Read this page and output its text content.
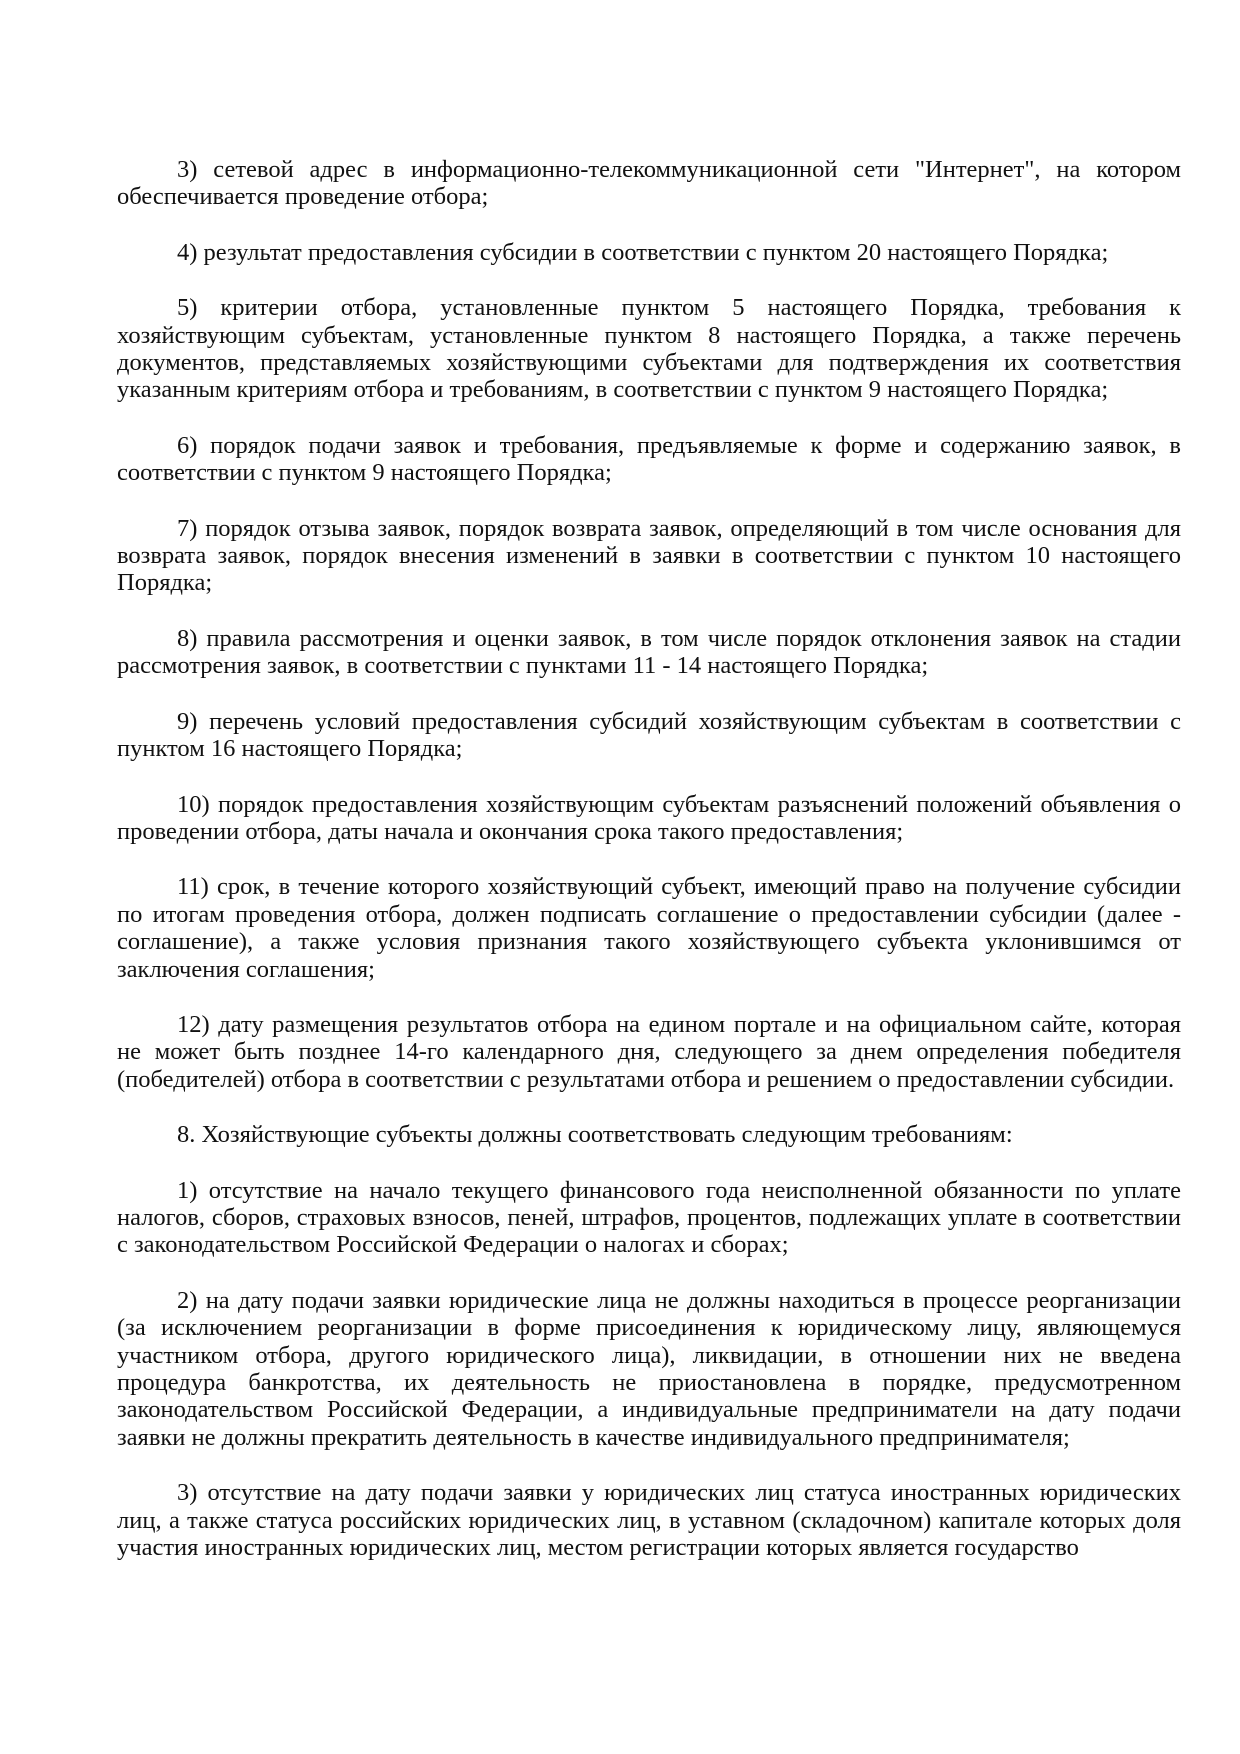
3) сетевой адрес в информационно-телекоммуникационной сети "Интернет", на котором обеспечивается проведение отбора;

4) результат предоставления субсидии в соответствии с пунктом 20 настоящего Порядка;

5) критерии отбора, установленные пунктом 5 настоящего Порядка, требования к хозяйствующим субъектам, установленные пунктом 8 настоящего Порядка, а также перечень документов, представляемых хозяйствующими субъектами для подтверждения их соответствия указанным критериям отбора и требованиям, в соответствии с пунктом 9 настоящего Порядка;

6) порядок подачи заявок и требования, предъявляемые к форме и содержанию заявок, в соответствии с пунктом 9 настоящего Порядка;

7) порядок отзыва заявок, порядок возврата заявок, определяющий в том числе основания для возврата заявок, порядок внесения изменений в заявки в соответствии с пунктом 10 настоящего Порядка;

8) правила рассмотрения и оценки заявок, в том числе порядок отклонения заявок на стадии рассмотрения заявок, в соответствии с пунктами 11 - 14 настоящего Порядка;

9) перечень условий предоставления субсидий хозяйствующим субъектам в соответствии с пунктом 16 настоящего Порядка;

10) порядок предоставления хозяйствующим субъектам разъяснений положений объявления о проведении отбора, даты начала и окончания срока такого предоставления;

11) срок, в течение которого хозяйствующий субъект, имеющий право на получение субсидии по итогам проведения отбора, должен подписать соглашение о предоставлении субсидии (далее - соглашение), а также условия признания такого хозяйствующего субъекта уклонившимся от заключения соглашения;

12) дату размещения результатов отбора на едином портале и на официальном сайте, которая не может быть позднее 14-го календарного дня, следующего за днем определения победителя (победителей) отбора в соответствии с результатами отбора и решением о предоставлении субсидии.

8. Хозяйствующие субъекты должны соответствовать следующим требованиям:

1) отсутствие на начало текущего финансового года неисполненной обязанности по уплате налогов, сборов, страховых взносов, пеней, штрафов, процентов, подлежащих уплате в соответствии с законодательством Российской Федерации о налогах и сборах;

2) на дату подачи заявки юридические лица не должны находиться в процессе реорганизации (за исключением реорганизации в форме присоединения к юридическому лицу, являющемуся участником отбора, другого юридического лица), ликвидации, в отношении них не введена процедура банкротства, их деятельность не приостановлена в порядке, предусмотренном законодательством Российской Федерации, а индивидуальные предприниматели на дату подачи заявки не должны прекратить деятельность в качестве индивидуального предпринимателя;

3) отсутствие на дату подачи заявки у юридических лиц статуса иностранных юридических лиц, а также статуса российских юридических лиц, в уставном (складочном) капитале которых доля участия иностранных юридических лиц, местом регистрации которых является государство
